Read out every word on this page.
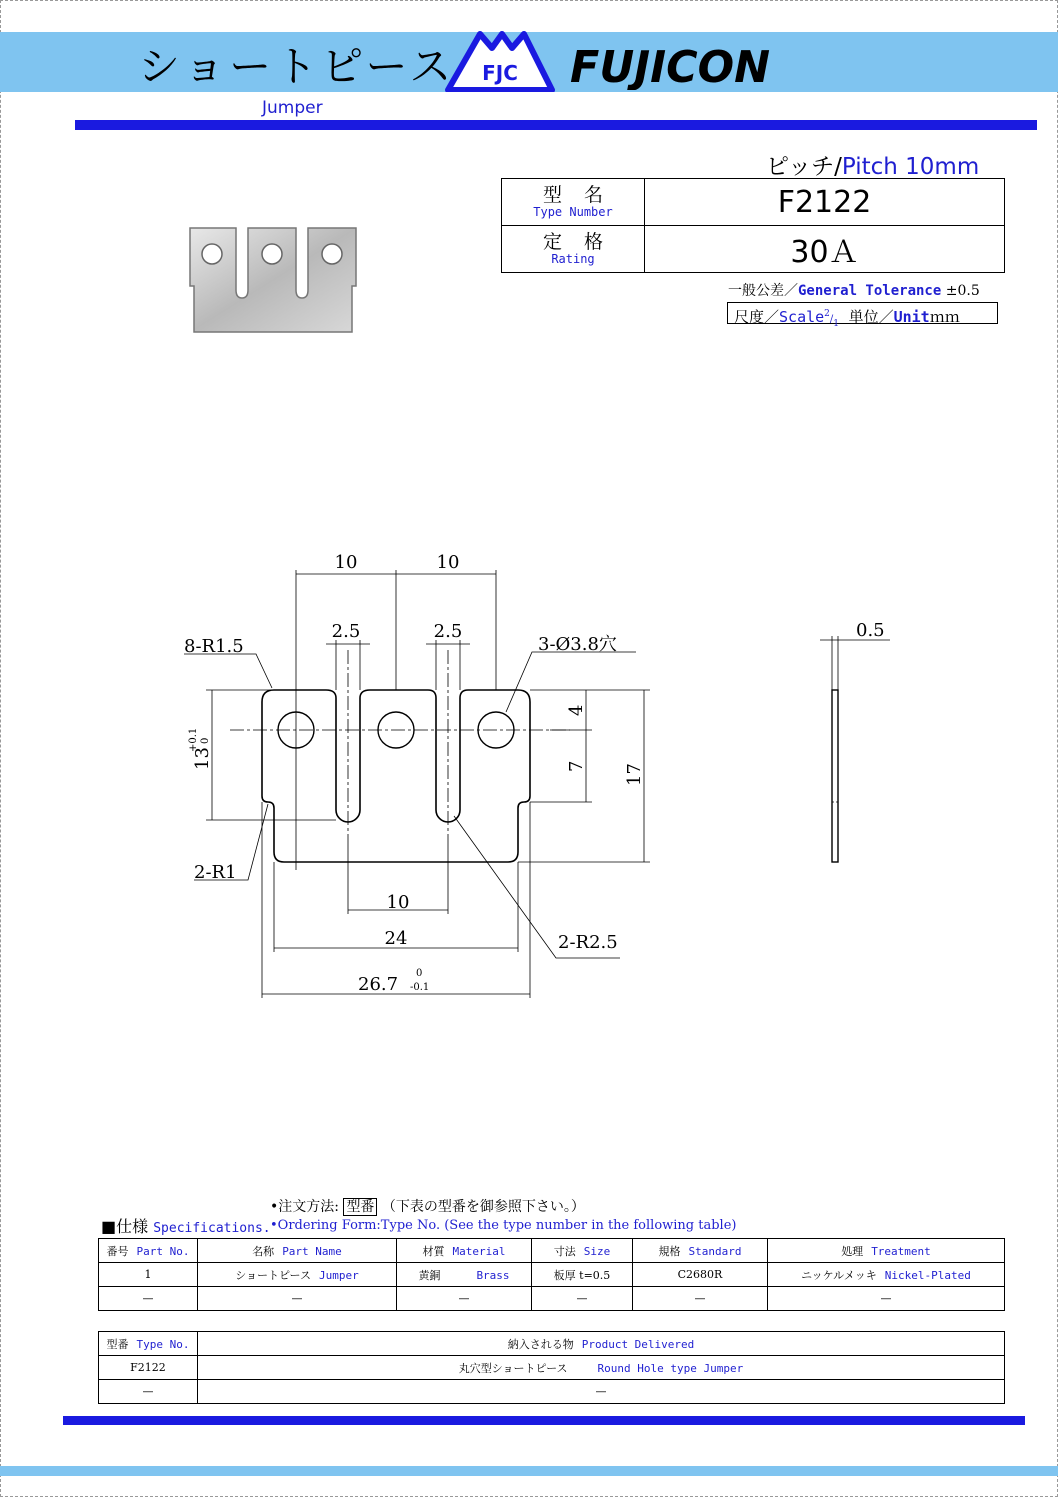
ショートピース FJC FUJICON
Jumper
ピッチ/Pitch 10mm
型名
Type Number	F2122

定格
Rating	30Ａ
一般公差／General Tolerance ±0.5
尺度$/Scale^2/_1$ 単位／Unitｍｍ
10	10
2.5	2.5
8-R1.5	3-Ø3.8穴
13
+0.1 0
4
7 17
2-R1
10
24	2-R2.5
26.7
0
-0.1
0.5
•注文方法: 型番 （下表の型番を御参照下さい。）
•Ordering Form:Type No. (See the type number in the following table)
■仕様 Specifications.
番号 Part No.	名称 Part Name	材質 Material	寸法 Size	規格 Standard	処理 Treatment
1	ショートピース Jumper	黄銅 Brass	板厚 t=0.5	C2680R	ニッケルメッキ Nickel-Plated
—	—	—	—	—	—
型番 Type No.	納入される物 Product Delivered
F2122	丸穴型ショートピース Round Hole type Jumper
—	—
